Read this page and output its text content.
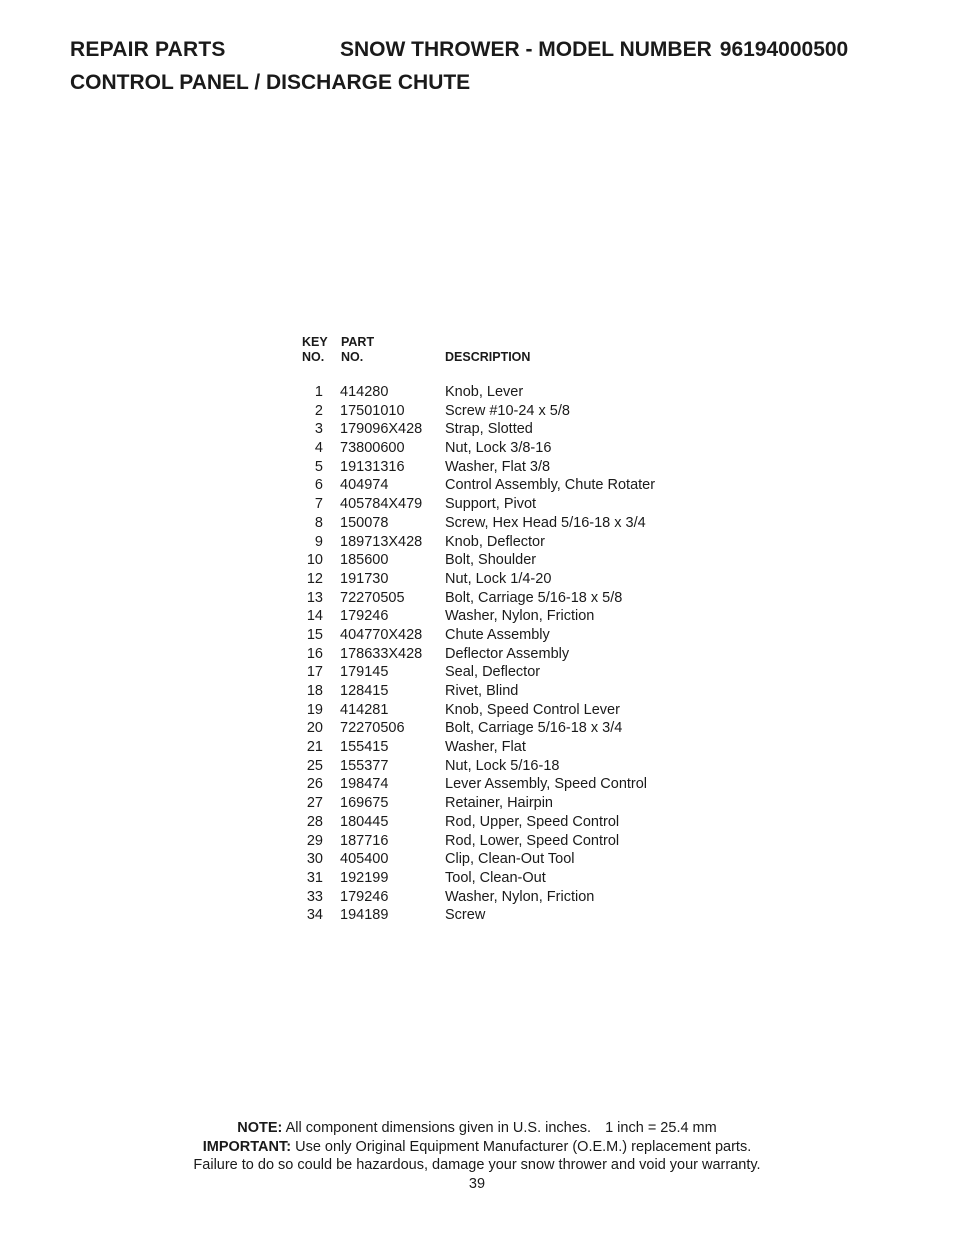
REPAIR PARTS	SNOW THROWER - MODEL NUMBER 96194000500
CONTROL PANEL / DISCHARGE CHUTE
KEY
NO.
PART
NO.	DESCRIPTION
1 414280	Knob, Lever
2 17501010	Screw #10-24 x 5/8
3 179096X428 Strap, Slotted
4 73800600	Nut, Lock 3/8-16
5 19131316	Washer, Flat 3/8
6 404974	Control Assembly, Chute Rotater
7 405784X479 Support, Pivot
8 150078	Screw, Hex Head 5/16-18 x 3/4
9 189713X428 Knob, Deflector
10 185600	Bolt, Shoulder
12 191730	Nut, Lock 1/4-20
13 72270505	Bolt, Carriage 5/16-18 x 5/8
14 179246	Washer, Nylon, Friction
15 404770X428 Chute Assembly
16 178633X428 Deflector Assembly
17 179145	Seal, Deflector
18 128415	Rivet, Blind
19 414281	Knob, Speed Control Lever
20 72270506	Bolt, Carriage 5/16-18 x 3/4
21 155415	Washer, Flat
25 155377	Nut, Lock 5/16-18
26 198474	Lever Assembly, Speed Control
27 169675	Retainer, Hairpin
28 180445	Rod, Upper, Speed Control
29 187716	Rod, Lower, Speed Control
30 405400	Clip, Clean-Out Tool
31 192199	Tool, Clean-Out
33 179246	Washer, Nylon, Friction
34 194189	Screw
NOTE: All component dimensions given in U.S. inches. 1 inch = 25.4 mm
IMPORTANT: Use only Original Equipment Manufacturer (O.E.M.) replacement parts.
Failure to do so could be hazardous, damage your snow thrower and void your warranty.
39
